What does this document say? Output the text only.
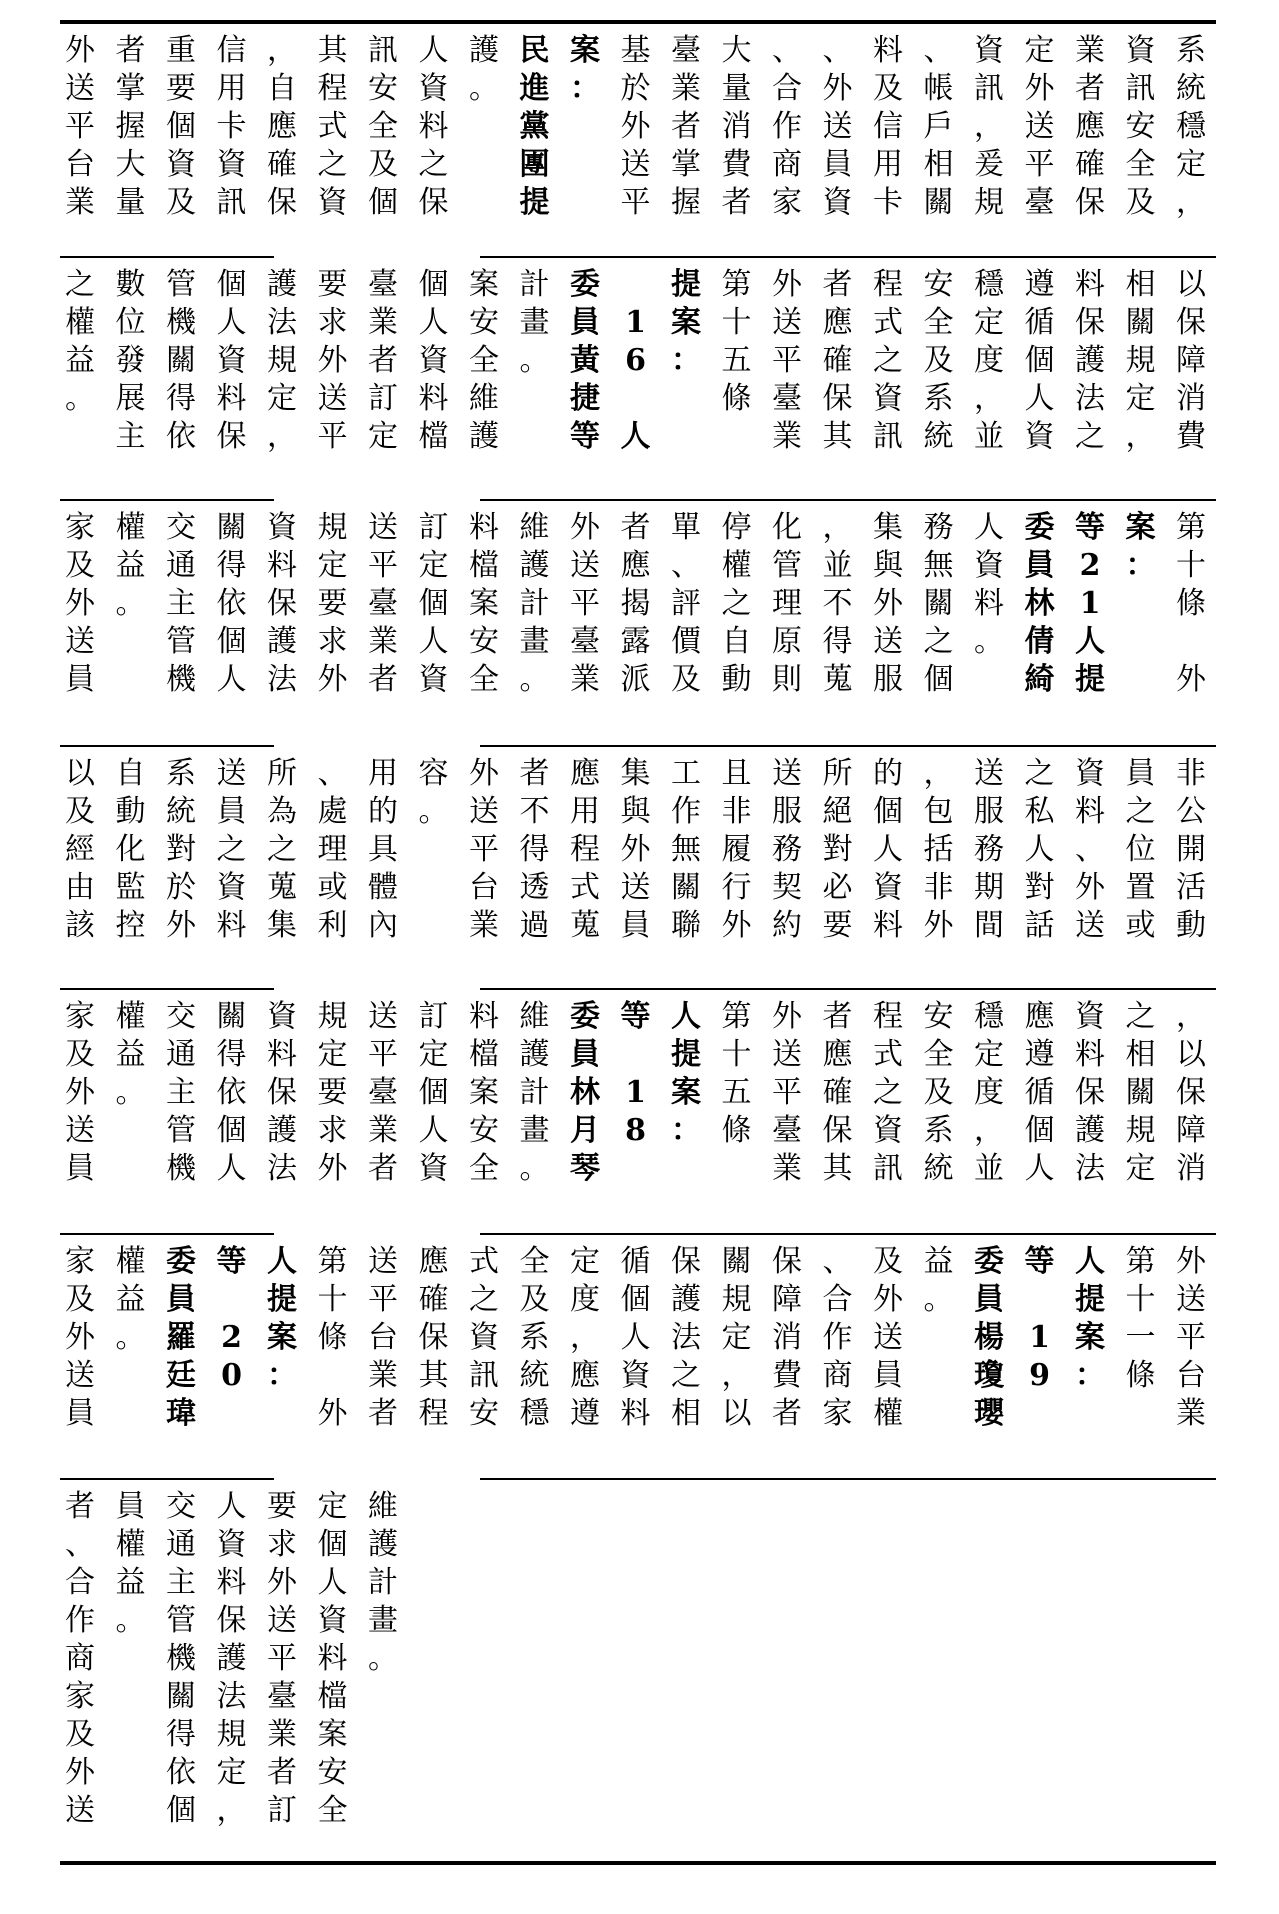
外
送
平
台
業
者
掌
握
大
量
重
要
個
資
及
信
用
卡
資
訊
，
自
應
確
保
其
程
式
之
資
訊
安
全
及
個
人
資
料
之
保
護
。
民
進
黨
團
提
案
：
基
於
外
送
平
臺
業
者
掌
握
大
量
消
費
者
、
合
作
商
家
、
外
送
員
資
料
及
信
用
卡
、
帳
戶
相
關
資
訊
，
爰
規
定
外
送
平
臺
業
者
應
確
保
資
訊
安
全
及
系
統
穩
定
，
之
權
益
。
數
位
發
展
主
管
機
關
得
依
個
人
資
料
保
護
法
規
定
，
要
求
外
送
平
臺
業
者
訂
定
個
人
資
料
檔
案
安
全
維
護
計
畫
。
委
員
黃
捷
等
1
6
人
提
案
：
第
十
五
條

外
送
平
臺
業
者
應
確
保
其
程
式
之
資
訊
安
全
及
系
統
穩
定
度
，
並
遵
循
個
人
資
料
保
護
法
之
相
關
規
定
，
以
保
障
消
費
家
及
外
送
員
權
益
。
交
通
主
管
機
關
得
依
個
人
資
料
保
護
法
規
定
要
求
外
送
平
臺
業
者
訂
定
個
人
資
料
檔
案
安
全
維
護
計
畫
。
外
送
平
臺
業
者
應
揭
露
派
單
、
評
價
及
停
權
之
自
動
化
管
理
原
則
，
並
不
得
蒐
集
與
外
送
服
務
無
關
之
個
人
資
料
。
委
員
林
倩
綺
等
2
1
人
提
案
：
第
十
條

外
以
及
經
由
該
自
動
化
監
控
系
統
對
於
外
送
員
之
資
料
所
為
之
蒐
集
、
處
理
或
利
用
的
具
體
內
容
。
外
送
平
台
業
者
不
得
透
過
應
用
程
式
蒐
集
與
外
送
員
工
作
無
關
聯
且
非
履
行
外
送
服
務
契
約
所
絕
對
必
要
的
個
人
資
料
，
包
括
非
外
送
服
務
期
間
之
私
人
對
話
資
料
、
外
送
員
之
位
置
或
非
公
開
活
動
家
及
外
送
員
權
益
。
交
通
主
管
機
關
得
依
個
人
資
料
保
護
法
規
定
要
求
外
送
平
臺
業
者
訂
定
個
人
資
料
檔
案
安
全
維
護
計
畫
。
委
員
林
月
琴
等
1
8
人
提
案
：
第
十
五
條

外
送
平
臺
業
者
應
確
保
其
程
式
之
資
訊
安
全
及
系
統
穩
定
度
，
並
應
遵
循
個
人
資
料
保
護
法
之
相
關
規
定
，
以
保
障
消
家
及
外
送
員
權
益
。
委
員
羅
廷
瑋
等
2
0
人
提
案
：
第
十
條

外
送
平
台
業
者
應
確
保
其
程
式
之
資
訊
安
全
及
系
統
穩
定
度
，
應
遵
循
個
人
資
料
保
護
法
之
相
關
規
定
，
以
保
障
消
費
者
、
合
作
商
家
及
外
送
員
權
益
。
委
員
楊
瓊
瓔
等
1
9
人
提
案
：
第
十
一
條

外
送
平
台
業
者
、
合
作
商
家
及
外
送
員
權
益
。
交
通
主
管
機
關
得
依
個
人
資
料
保
護
法
規
定
，
要
求
外
送
平
臺
業
者
訂
定
個
人
資
料
檔
案
安
全
維
護
計
畫
。
